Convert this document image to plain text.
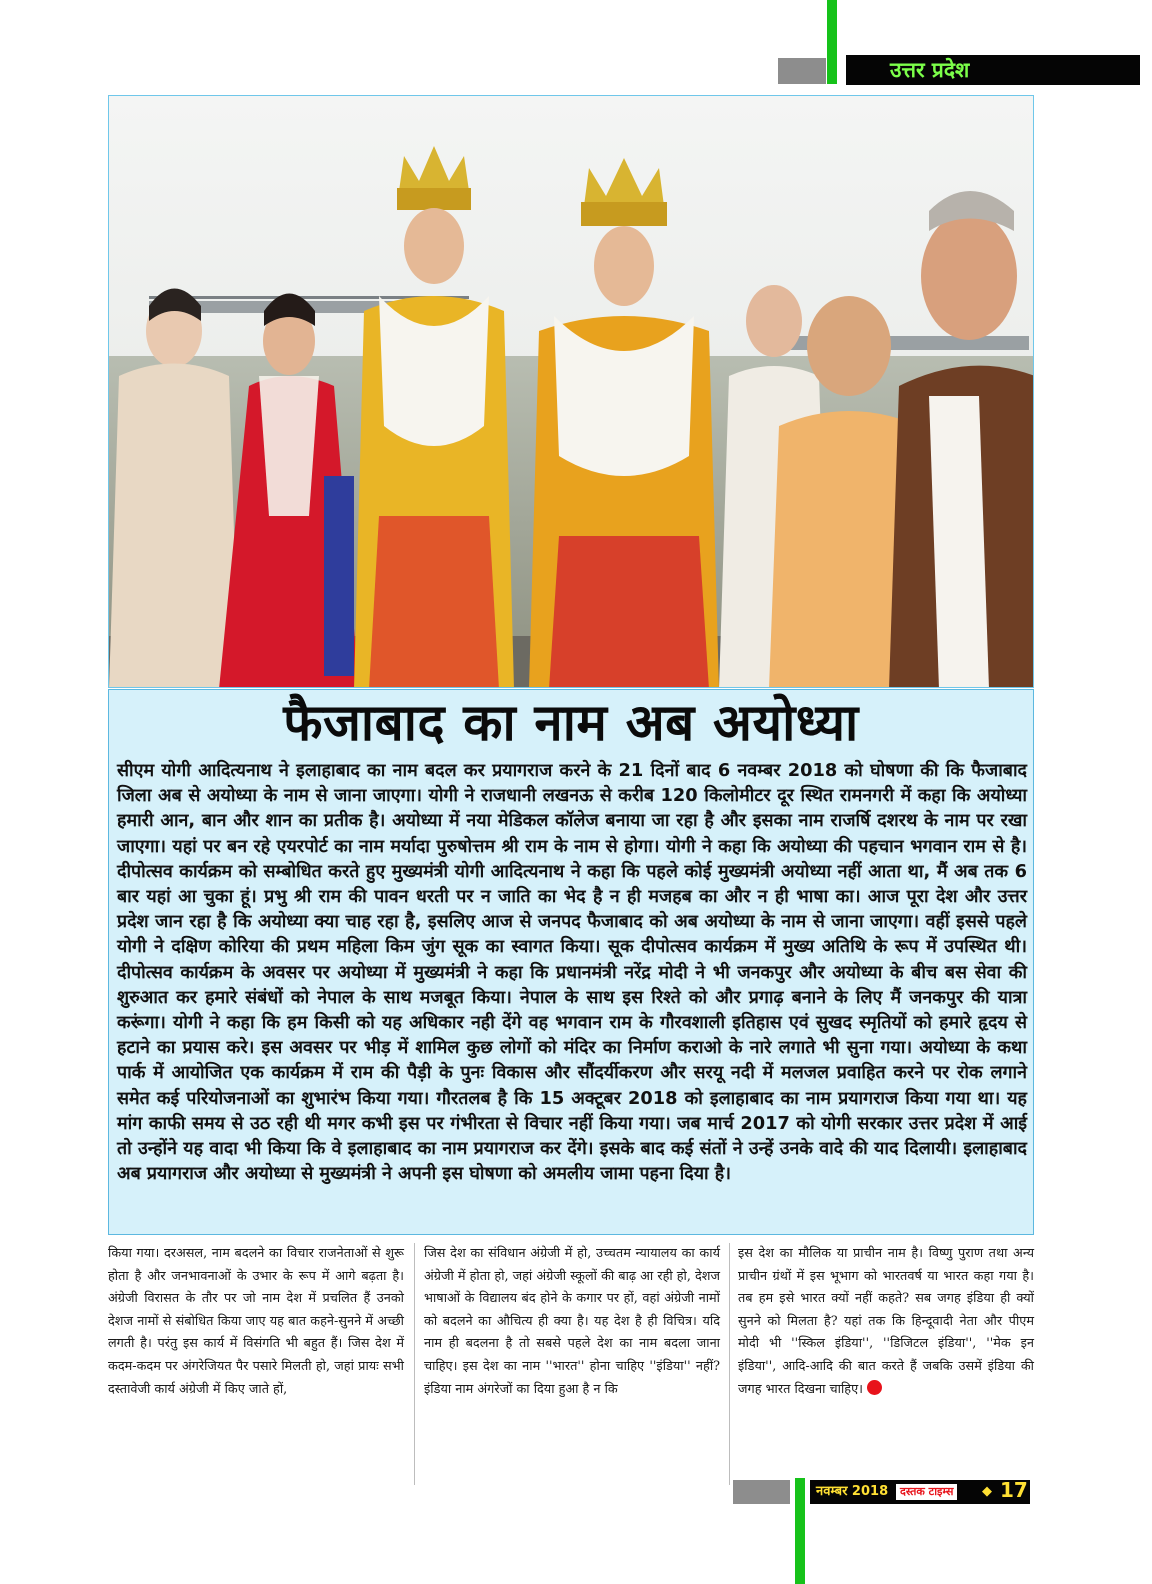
उत्तर प्रदेश
फैजाबाद का नाम अब अयोध्या
सीएम योगी आदित्यनाथ ने इलाहाबाद का नाम बदल कर प्रयागराज करने के 21 दिनों बाद 6 नवम्बर 2018 को घोषणा की कि फैजाबाद जिला अब से अयोध्या के नाम से जाना जाएगा। योगी ने राजधानी लखनऊ से करीब 120 किलोमीटर दूर स्थित रामनगरी में कहा कि अयोध्या हमारी आन, बान और शान का प्रतीक है। अयोध्या में नया मेडिकल कॉलेज बनाया जा रहा है और इसका नाम राजर्षि दशरथ के नाम पर रखा जाएगा। यहां पर बन रहे एयरपोर्ट का नाम मर्यादा पुरुषोत्तम श्री राम के नाम से होगा। योगी ने कहा कि अयोध्या की पहचान भगवान राम से है। दीपोत्सव कार्यक्रम को सम्बोधित करते हुए मुख्यमंत्री योगी आदित्यनाथ ने कहा कि पहले कोई मुख्यमंत्री अयोध्या नहीं आता था, मैं अब तक 6 बार यहां आ चुका हूं। प्रभु श्री राम की पावन धरती पर न जाति का भेद है न ही मजहब का और न ही भाषा का। आज पूरा देश और उत्तर प्रदेश जान रहा है कि अयोध्या क्या चाह रहा है, इसलिए आज से जनपद फैजाबाद को अब अयोध्या के नाम से जाना जाएगा। वहीं इससे पहले योगी ने दक्षिण कोरिया की प्रथम महिला किम जुंग सूक का स्वागत किया। सूक दीपोत्सव कार्यक्रम में मुख्य अतिथि के रूप में उपस्थित थी। दीपोत्सव कार्यक्रम के अवसर पर अयोध्या में मुख्यमंत्री ने कहा कि प्रधानमंत्री नरेंद्र मोदी ने भी जनकपुर और अयोध्या के बीच बस सेवा की शुरुआत कर हमारे संबंधों को नेपाल के साथ मजबूत किया। नेपाल के साथ इस रिश्ते को और प्रगाढ़ बनाने के लिए मैं जनकपुर की यात्रा करूंगा। योगी ने कहा कि हम किसी को यह अधिकार नही देंगे वह भगवान राम के गौरवशाली इतिहास एवं सुखद स्मृतियों को हमारे हृदय से हटाने का प्रयास करे। इस अवसर पर भीड़ में शामिल कुछ लोगों को मंदिर का निर्माण कराओ के नारे लगाते भी सुना गया। अयोध्या के कथा पार्क में आयोजित एक कार्यक्रम में राम की पैड़ी के पुनः विकास और सौंदर्यीकरण और सरयू नदी में मलजल प्रवाहित करने पर रोक लगाने समेत कई परियोजनाओं का शुभारंभ किया गया। गौरतलब है कि 15 अक्टूबर 2018 को इलाहाबाद का नाम प्रयागराज किया गया था। यह मांग काफी समय से उठ रही थी मगर कभी इस पर गंभीरता से विचार नहीं किया गया। जब मार्च 2017 को योगी सरकार उत्तर प्रदेश में आई तो उन्होंने यह वादा भी किया कि वे इलाहाबाद का नाम प्रयागराज कर देंगे। इसके बाद कई संतों ने उन्हें उनके वादे की याद दिलायी। इलाहाबाद अब प्रयागराज और अयोध्या से मुख्यमंत्री ने अपनी इस घोषणा को अमलीय जामा पहना दिया है।
किया गया। दरअसल, नाम बदलने का विचार राजनेताओं से शुरू होता है और जनभावनाओं के उभार के रूप में आगे बढ़ता है। अंग्रेजी विरासत के तौर पर जो नाम देश में प्रचलित हैं उनको देशज नामों से संबोधित किया जाए यह बात कहने-सुनने में अच्छी लगती है। परंतु इस कार्य में विसंगति भी बहुत हैं। जिस देश में कदम-कदम पर अंगरेजियत पैर पसारे मिलती हो, जहां प्रायः सभी दस्तावेजी कार्य अंग्रेजी में किए जाते हों,
जिस देश का संविधान अंग्रेजी में हो, उच्चतम न्यायालय का कार्य अंग्रेजी में होता हो, जहां अंग्रेजी स्कूलों की बाढ़ आ रही हो, देशज भाषाओं के विद्यालय बंद होने के कगार पर हों, वहां अंग्रेजी नामों को बदलने का औचित्य ही क्या है। यह देश है ही विचित्र। यदि नाम ही बदलना है तो सबसे पहले देश का नाम बदला जाना चाहिए। इस देश का नाम ''भारत'' होना चाहिए ''इंडिया'' नहीं? इंडिया नाम अंगरेजों का दिया हुआ है न कि
इस देश का मौलिक या प्राचीन नाम है। विष्णु पुराण तथा अन्य प्राचीन ग्रंथों में इस भूभाग को भारतवर्ष या भारत कहा गया है। तब हम इसे भारत क्यों नहीं कहते? सब जगह इंडिया ही क्यों सुनने को मिलता है? यहां तक कि हिन्दूवादी नेता और पीएम मोदी भी ''स्किल इंडिया'', ''डिजिटल इंडिया'', ''मेक इन इंडिया'', आदि-आदि की बात करते हैं जबकि उसमें इंडिया की जगह भारत दिखना चाहिए।
नवम्बर 2018	दस्तक टाइम्स	◆ 17
